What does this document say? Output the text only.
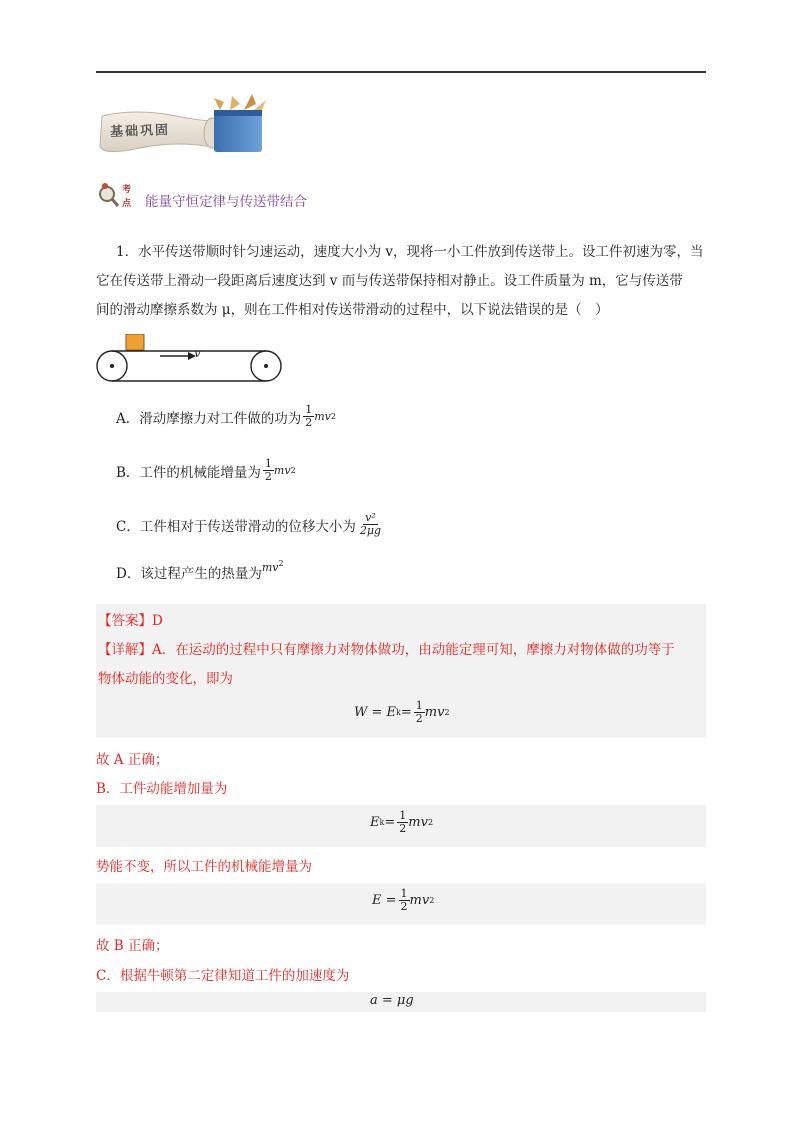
基础巩固
考
点 能量守恒定律与传送带结合
1．水平传送带顺时针匀速运动，速度大小为 v，现将一小工件放到传送带上。设工件初速为零，当
它在传送带上滑动一段距离后速度达到 v 而与传送带保持相对静止。设工件质量为 m，它与传送带
间的滑动摩擦系数为 μ，则在工件相对传送带滑动的过程中，以下说法错误的是（　）
v
A．滑动摩擦力对工件做的功为 $\frac{1}{2}$ mv 2
B．工件的机械能增量为 $\frac{1}{2}$ mv 2
C．工件相对于传送带滑动的位移大小为 $\frac{\text{v²}}{2\mu g}$
D．该过程产生的热量为 $mv^2$
【答案】D
【详解】A．在运动的过程中只有摩擦力对物体做功，由动能定理可知，摩擦力对物体做的功等于
物体动能的变化，即为
W = E $k = \frac{1}{2}$ mv 2
故 A 正确；
B．工件动能增加量为
E $k = \frac{1}{2}$ mv 2
势能不变，所以工件的机械能增量为
$E = \frac{1}{2}$ mv 2
故 B 正确；
C．根据牛顿第二定律知道工件的加速度为
a = μg
